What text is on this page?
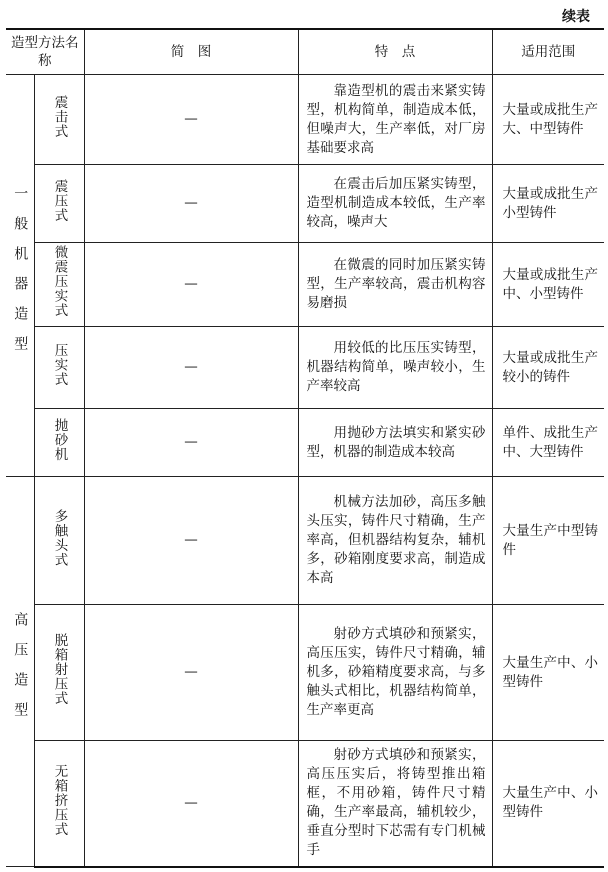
续表
造型方法名称		简　图	特　点	适用范围

一般机器造型	震击式	—	靠造型机的震击来紧实铸型，机构简单，制造成本低，但噪声大，生产率低，对厂房基础要求高	大量或成批生产大、中型铸件
	震压式	—	在震击后加压紧实铸型，造型机制造成本较低，生产率较高，噪声大	大量或成批生产小型铸件
	微震压实式	—	在微震的同时加压紧实铸型，生产率较高，震击机构容易磨损	大量或成批生产中、小型铸件
	压实式	—	用较低的比压压实铸型，机器结构简单，噪声较小，生产率较高	大量或成批生产较小的铸件
	抛砂机	—	用抛砂方法填实和紧实砂型，机器的制造成本较高	单件、成批生产中、大型铸件

高压造型	多触头式	—	机械方法加砂，高压多触头压实，铸件尺寸精确，生产率高，但机器结构复杂，辅机多，砂箱刚度要求高，制造成本高	大量生产中型铸件
	脱箱射压式	—	射砂方式填砂和预紧实，高压压实，铸件尺寸精确，辅机多，砂箱精度要求高，与多触头式相比，机器结构简单，生产率更高	大量生产中、小型铸件
	无箱挤压式	—	射砂方式填砂和预紧实，高压压实后，将铸型推出箱框，不用砂箱，铸件尺寸精确，生产率最高，辅机较少，垂直分型时下芯需有专门机械手	大量生产中、小型铸件
